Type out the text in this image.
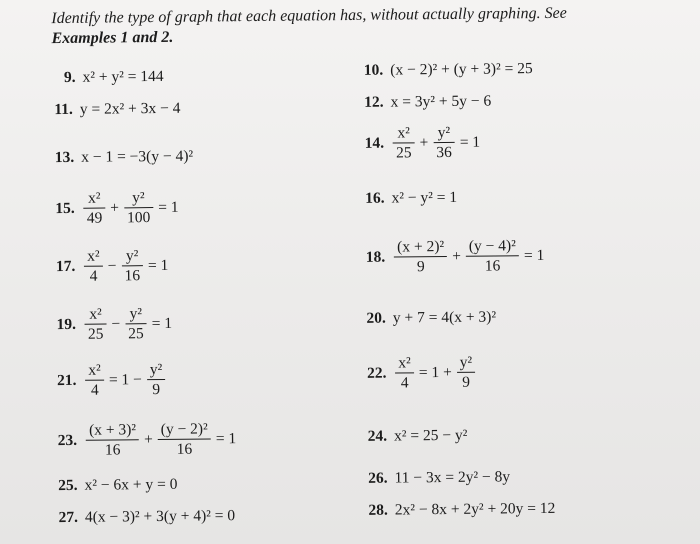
Identify the type of graph that each equation has, without actually graphing. See
Examples 1 and 2.
9. x² + y² = 144	10. (x − 2)² + (y + 3)² = 25
11. y = 2x² + 3x − 4	12. x = 3y² + 5y − 6
13. x − 1 = −3(y − 4)²
14. $\frac{\text{x²}}{25} + \frac{\text{y²}}{36} = 1$
15. $\frac{\text{x²}}{49} + \frac{\text{y²}}{100} = 1$
16. x² − y² = 1
17. $\frac{\text{x²}}{4} - \frac{\text{y²}}{16} = 1$	18. $\frac{\text{(x + 2)²}}{9} + \frac{\text{(y − 4)²}}{16} = 1$
19. $\frac{\text{x²}}{25} - \frac{\text{y²}}{25} = 1$	20. y + 7 = 4(x + 3)²
21. $\frac{\text{x²}}{4} = 1 - \frac{\text{y²}}{9}$	22. $\frac{\text{x²}}{4} = 1 + \frac{\text{y²}}{9}$
23. $\frac{\text{(x + 3)²}}{16} + \frac{\text{(y − 2)²}}{16} = 1$	24. x² = 25 − y²
25. x² − 6x + y = 0	26. 11 − 3x = 2y² − 8y
27. 4(x − 3)² + 3(y + 4)² = 0	28. 2x² − 8x + 2y² + 20y = 12
